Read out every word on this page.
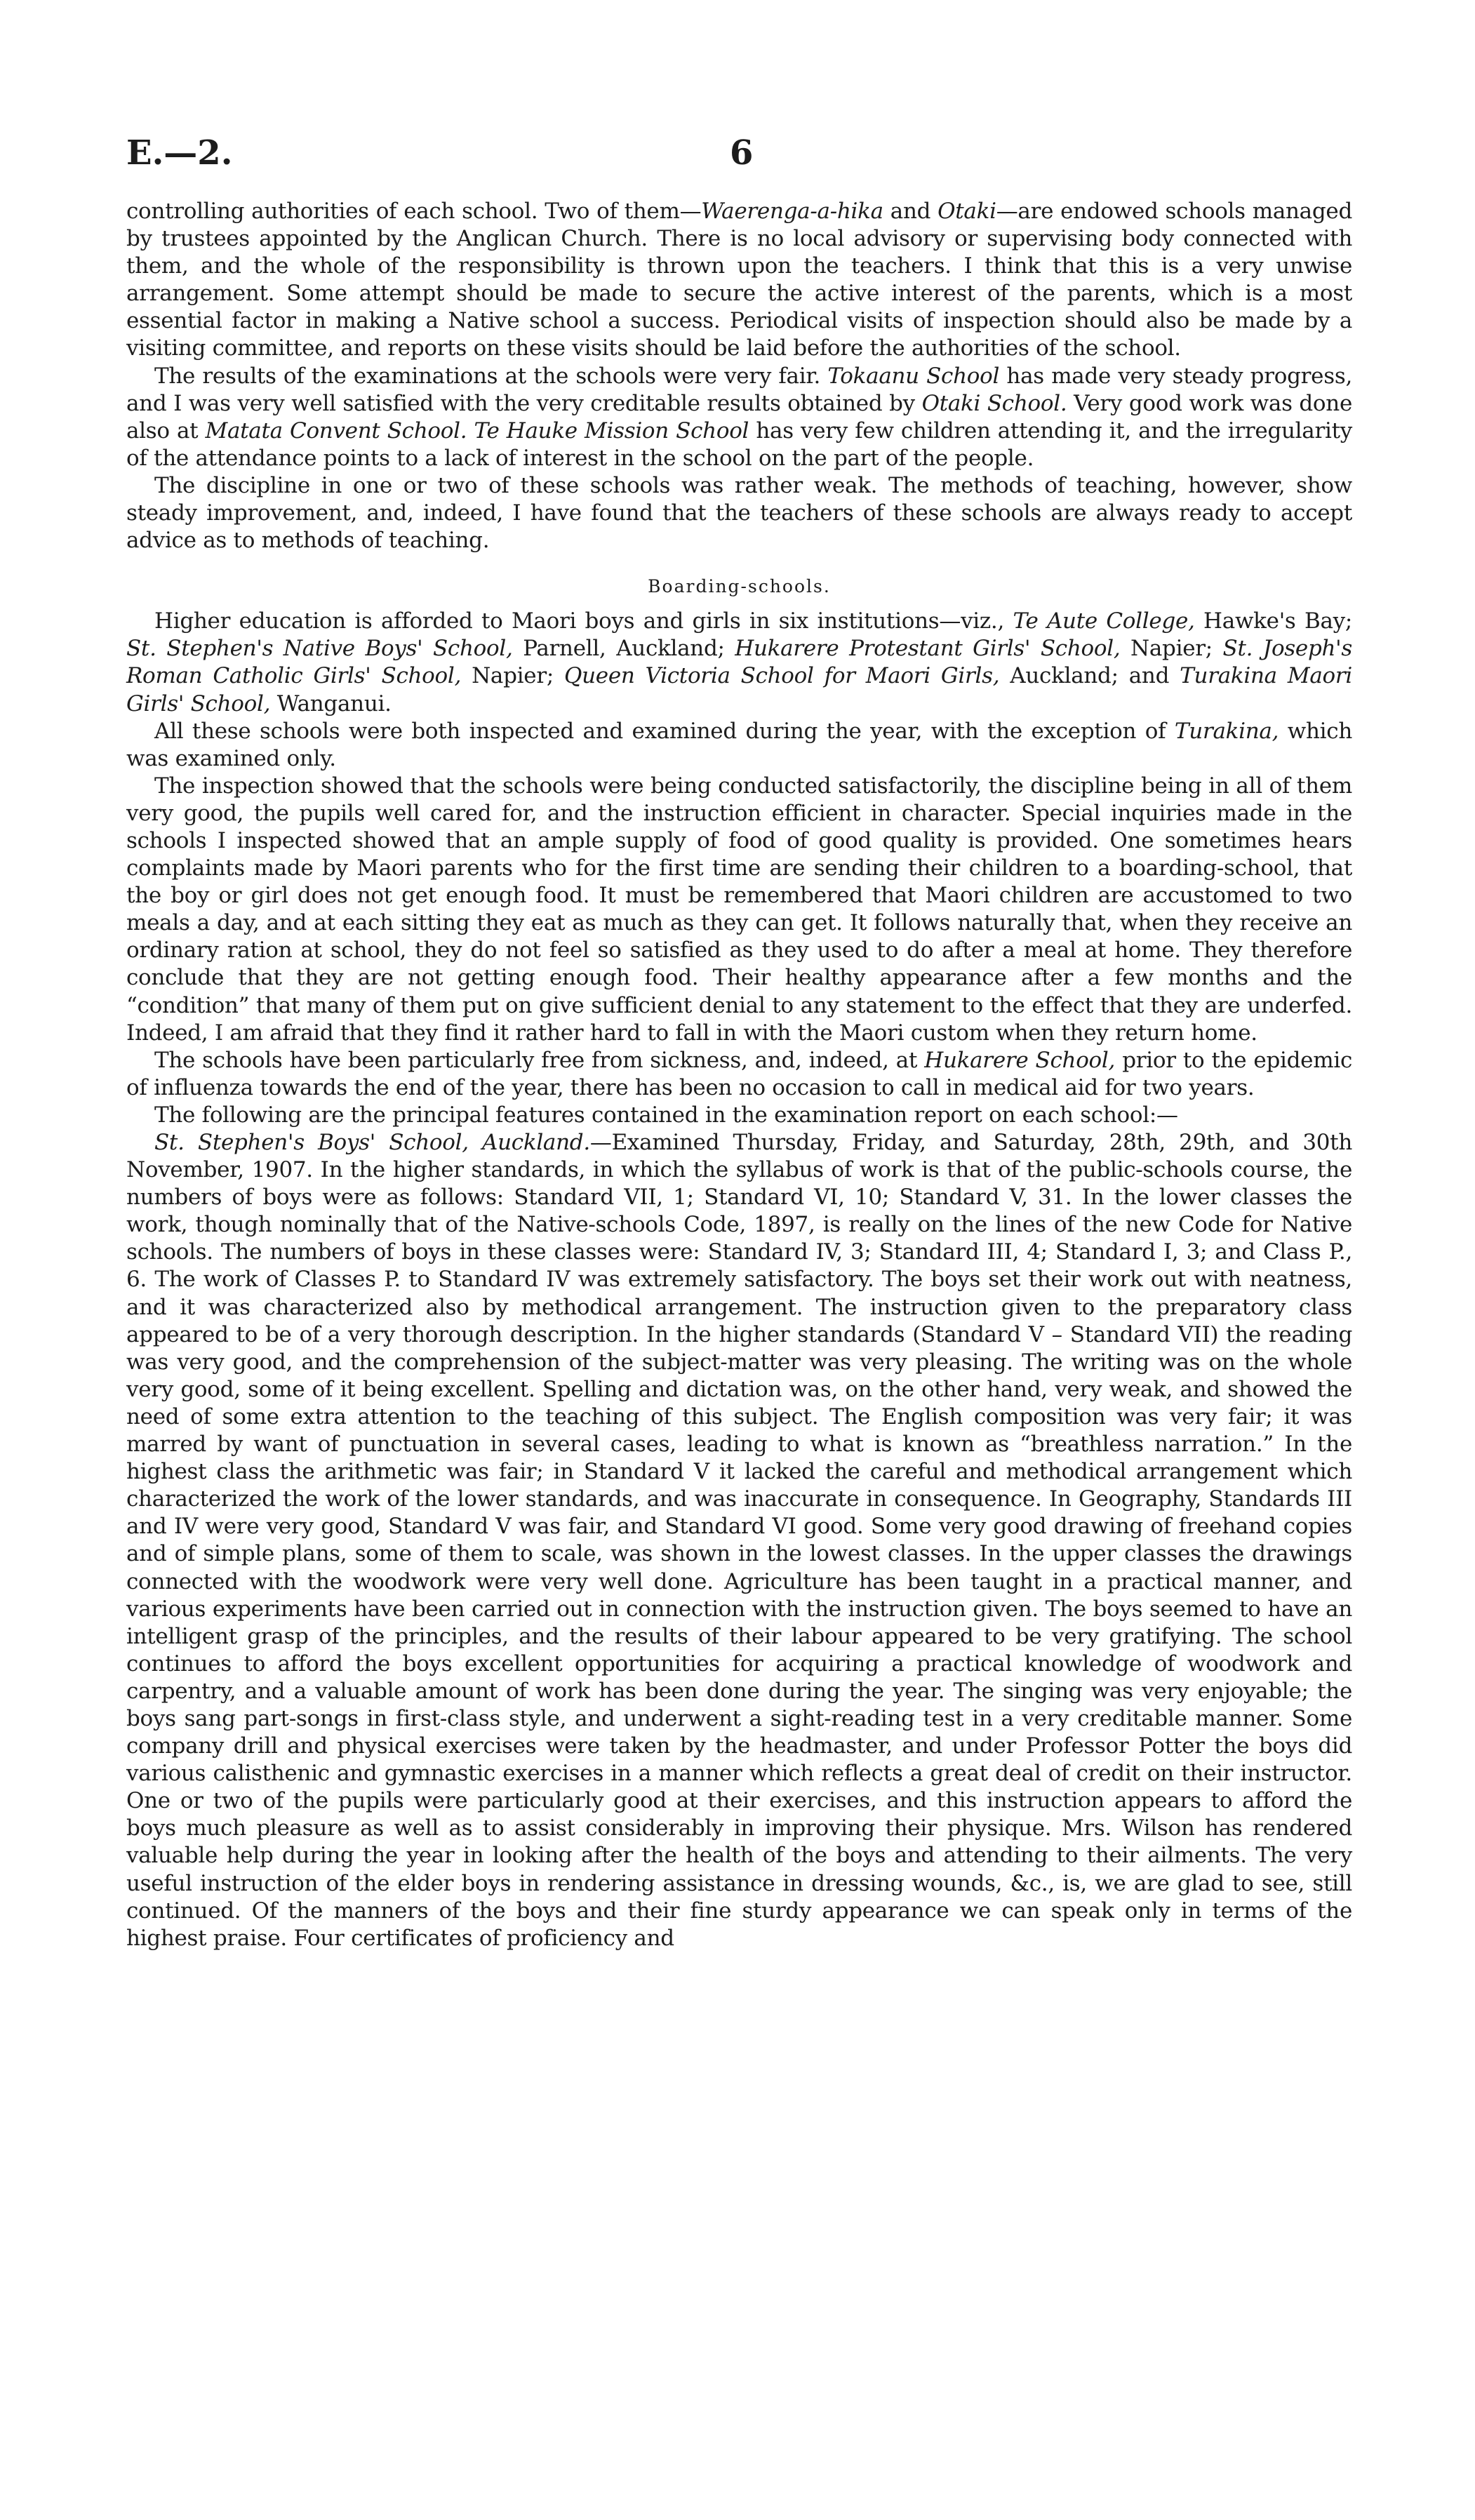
E.—2.	6

controlling authorities of each school. Two of them—Waerenga-a-hika and Otaki—are endowed schools managed by trustees appointed by the Anglican Church. There is no local advisory or supervising body connected with them, and the whole of the responsibility is thrown upon the teachers. I think that this is a very unwise arrangement. Some attempt should be made to secure the active interest of the parents, which is a most essential factor in making a Native school a success. Periodical visits of inspection should also be made by a visiting committee, and reports on these visits should be laid before the authorities of the school.

The results of the examinations at the schools were very fair. Tokaanu School has made very steady progress, and I was very well satisfied with the very creditable results obtained by Otaki School. Very good work was done also at Matata Convent School. Te Hauke Mission School has very few children attending it, and the irregularity of the attendance points to a lack of interest in the school on the part of the people.

The discipline in one or two of these schools was rather weak. The methods of teaching, however, show steady improvement, and, indeed, I have found that the teachers of these schools are always ready to accept advice as to methods of teaching.

Boarding-schools.

Higher education is afforded to Maori boys and girls in six institutions—viz., Te Aute College, Hawke's Bay; St. Stephen's Native Boys' School, Parnell, Auckland; Hukarere Protestant Girls' School, Napier; St. Joseph's Roman Catholic Girls' School, Napier; Queen Victoria School for Maori Girls, Auckland; and Turakina Maori Girls' School, Wanganui.

All these schools were both inspected and examined during the year, with the exception of Turakina, which was examined only.

The inspection showed that the schools were being conducted satisfactorily, the discipline being in all of them very good, the pupils well cared for, and the instruction efficient in character. Special inquiries made in the schools I inspected showed that an ample supply of food of good quality is provided. One sometimes hears complaints made by Maori parents who for the first time are sending their children to a boarding-school, that the boy or girl does not get enough food. It must be remembered that Maori children are accustomed to two meals a day, and at each sitting they eat as much as they can get. It follows naturally that, when they receive an ordinary ration at school, they do not feel so satisfied as they used to do after a meal at home. They therefore conclude that they are not getting enough food. Their healthy appearance after a few months and the “condition” that many of them put on give sufficient denial to any statement to the effect that they are underfed. Indeed, I am afraid that they find it rather hard to fall in with the Maori custom when they return home.

The schools have been particularly free from sickness, and, indeed, at Hukarere School, prior to the epidemic of influenza towards the end of the year, there has been no occasion to call in medical aid for two years.

The following are the principal features contained in the examination report on each school:—

St. Stephen's Boys' School, Auckland.—Examined Thursday, Friday, and Saturday, 28th, 29th, and 30th November, 1907. In the higher standards, in which the syllabus of work is that of the public-schools course, the numbers of boys were as follows: Standard VII, 1; Standard VI, 10; Standard V, 31. In the lower classes the work, though nominally that of the Native-schools Code, 1897, is really on the lines of the new Code for Native schools. The numbers of boys in these classes were: Standard IV, 3; Standard III, 4; Standard I, 3; and Class P., 6. The work of Classes P. to Standard IV was extremely satisfactory. The boys set their work out with neatness, and it was characterized also by methodical arrangement. The instruction given to the preparatory class appeared to be of a very thorough description. In the higher standards (Standard V – Standard VII) the reading was very good, and the comprehension of the subject-matter was very pleasing. The writing was on the whole very good, some of it being excellent. Spelling and dictation was, on the other hand, very weak, and showed the need of some extra attention to the teaching of this subject. The English composition was very fair; it was marred by want of punctuation in several cases, leading to what is known as “breathless narration.” In the highest class the arithmetic was fair; in Standard V it lacked the careful and methodical arrangement which characterized the work of the lower standards, and was inaccurate in consequence. In Geography, Standards III and IV were very good, Standard V was fair, and Standard VI good. Some very good drawing of freehand copies and of simple plans, some of them to scale, was shown in the lowest classes. In the upper classes the drawings connected with the woodwork were very well done. Agriculture has been taught in a practical manner, and various experiments have been carried out in connection with the instruction given. The boys seemed to have an intelligent grasp of the principles, and the results of their labour appeared to be very gratifying. The school continues to afford the boys excellent opportunities for acquiring a practical knowledge of woodwork and carpentry, and a valuable amount of work has been done during the year. The singing was very enjoyable; the boys sang part-songs in first-class style, and underwent a sight-reading test in a very creditable manner. Some company drill and physical exercises were taken by the headmaster, and under Professor Potter the boys did various calisthenic and gymnastic exercises in a manner which reflects a great deal of credit on their instructor. One or two of the pupils were particularly good at their exercises, and this instruction appears to afford the boys much pleasure as well as to assist considerably in improving their physique. Mrs. Wilson has rendered valuable help during the year in looking after the health of the boys and attending to their ailments. The very useful instruction of the elder boys in rendering assistance in dressing wounds, &c., is, we are glad to see, still continued. Of the manners of the boys and their fine sturdy appearance we can speak only in terms of the highest praise. Four certificates of proficiency and
